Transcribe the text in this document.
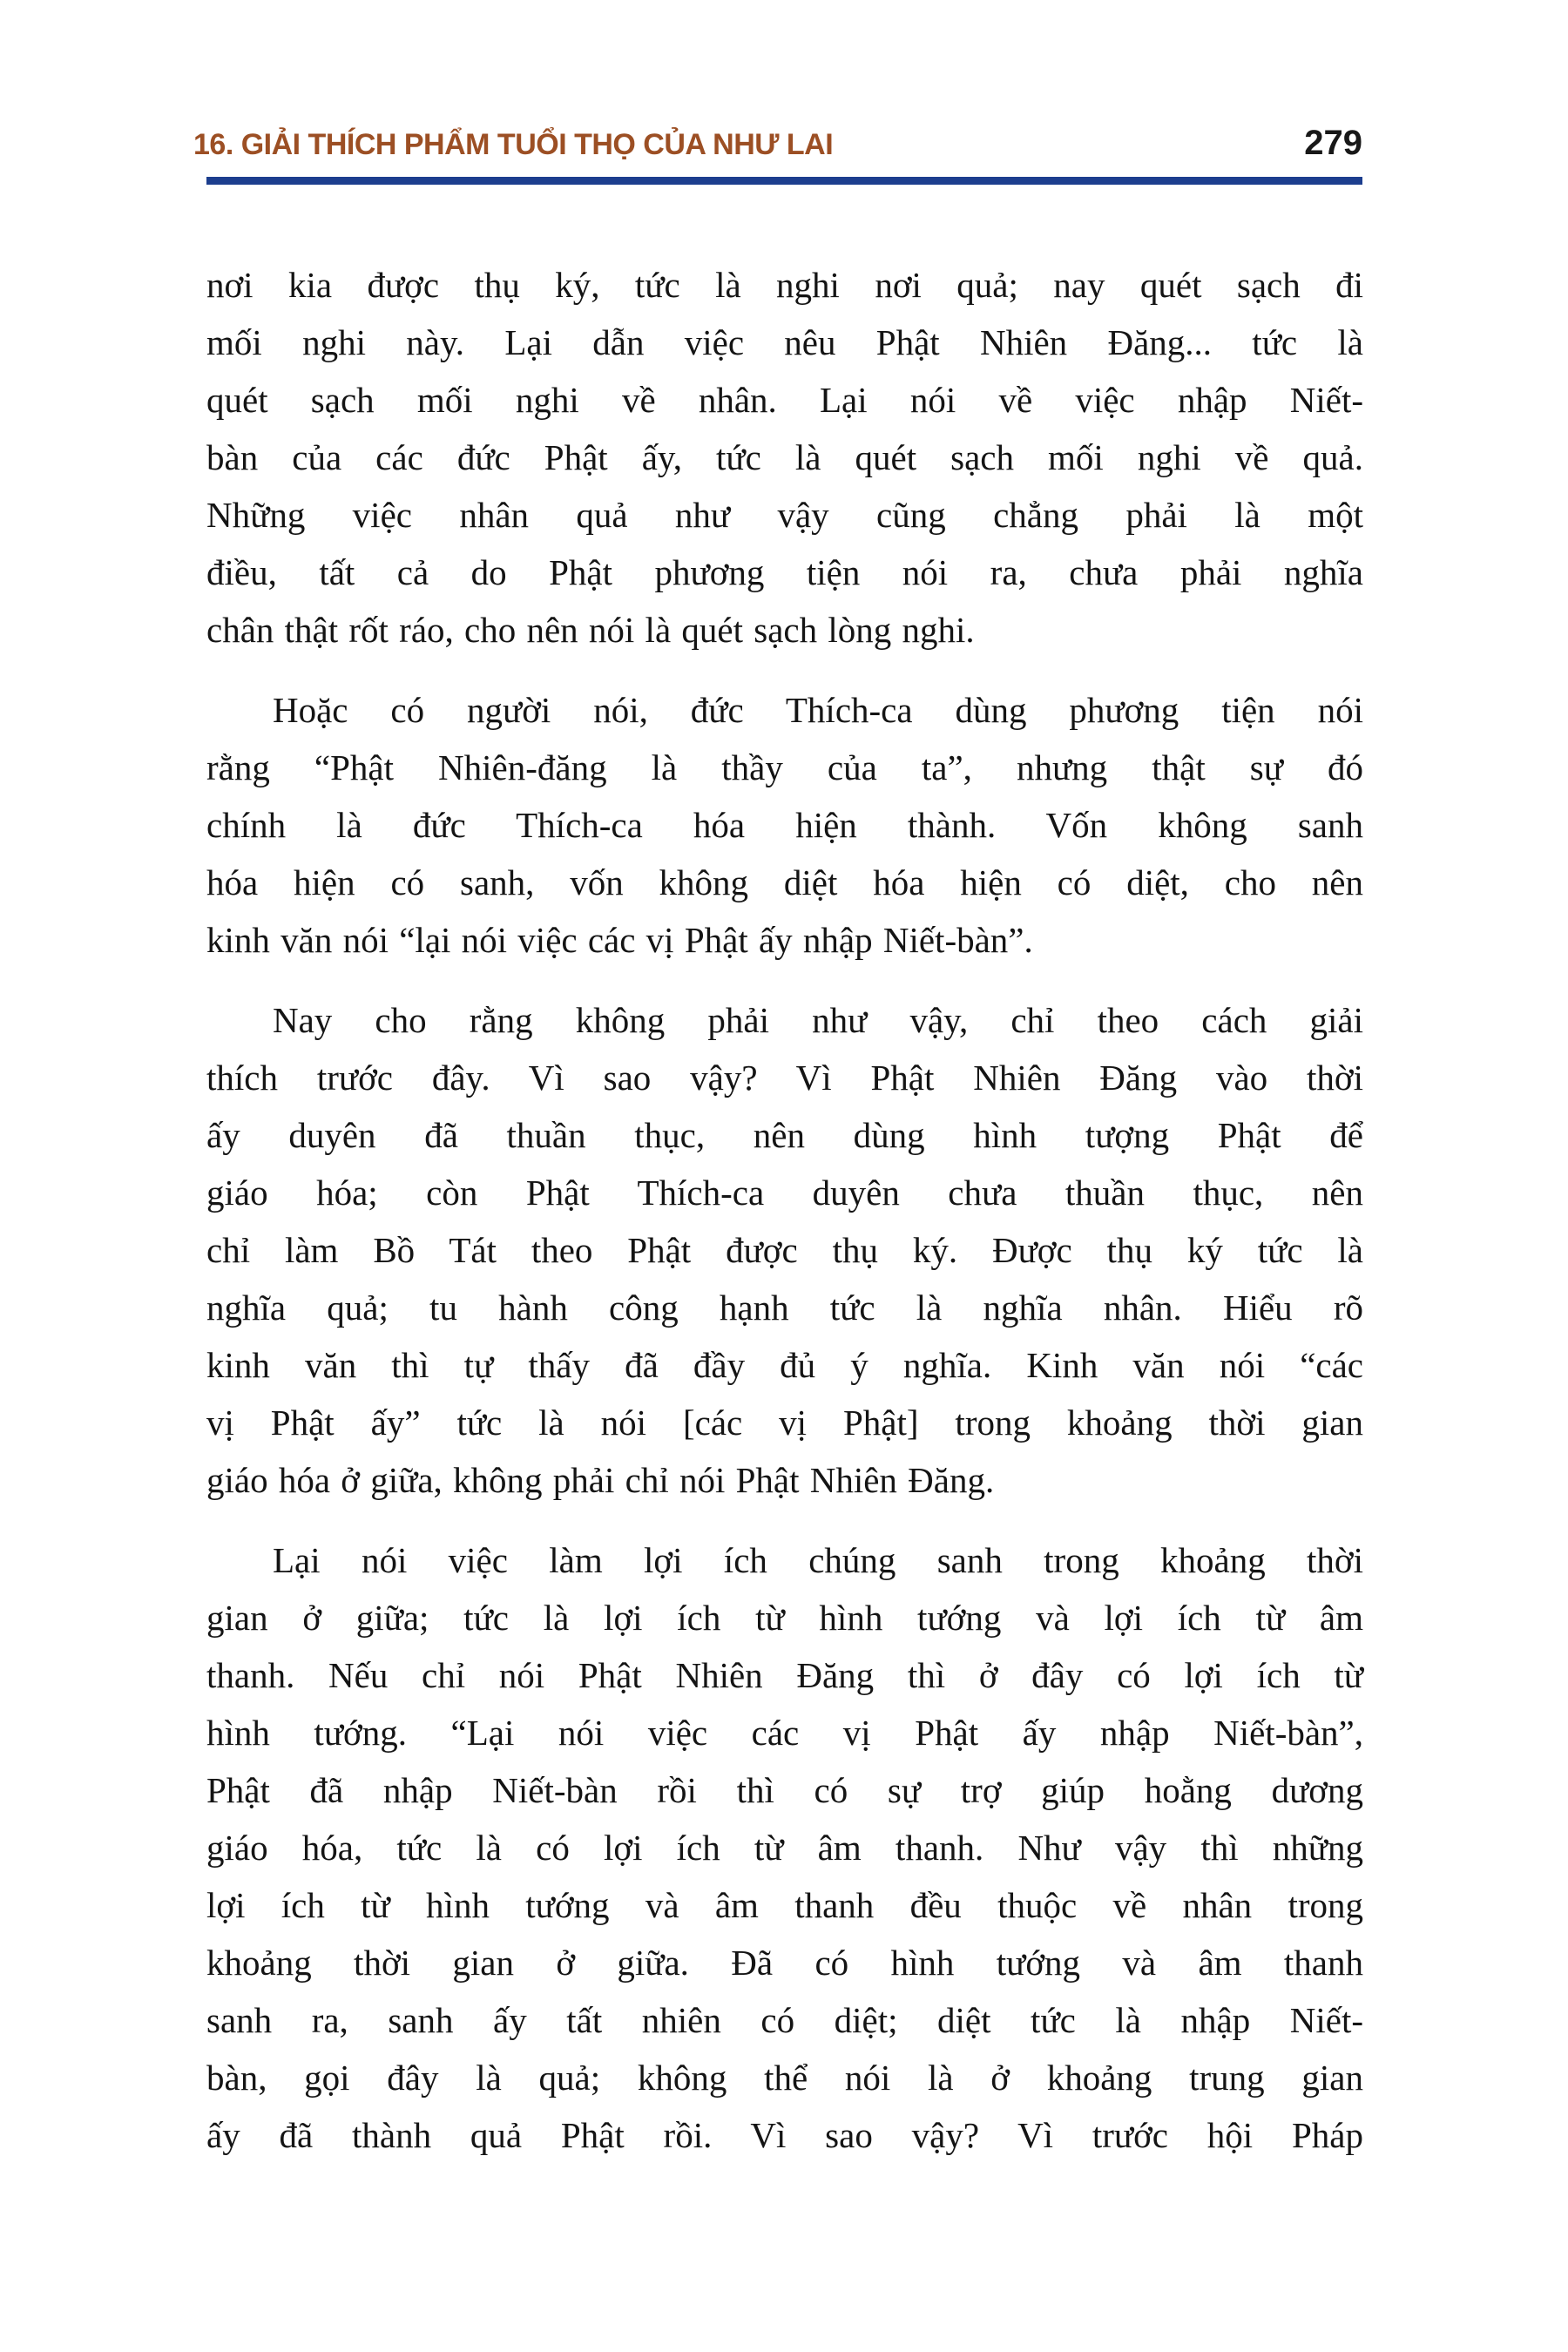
16. GIẢI THÍCH PHẨM TUỔI THỌ CỦA NHƯ LAI	279
nơi kia được thụ ký, tức là nghi nơi quả; nay quét sạch đi
mối nghi này. Lại dẫn việc nêu Phật Nhiên Đăng... tức là
quét sạch mối nghi về nhân. Lại nói về việc nhập Niết-
bàn của các đức Phật ấy, tức là quét sạch mối nghi về quả.
Những việc nhân quả như vậy cũng chẳng phải là một
điều, tất cả do Phật phương tiện nói ra, chưa phải nghĩa
chân thật rốt ráo, cho nên nói là quét sạch lòng nghi.
Hoặc có người nói, đức Thích-ca dùng phương tiện nói
rằng “Phật Nhiên-đăng là thầy của ta”, nhưng thật sự đó
chính là đức Thích-ca hóa hiện thành. Vốn không sanh
hóa hiện có sanh, vốn không diệt hóa hiện có diệt, cho nên
kinh văn nói “lại nói việc các vị Phật ấy nhập Niết-bàn”.
Nay cho rằng không phải như vậy, chỉ theo cách giải
thích trước đây. Vì sao vậy? Vì Phật Nhiên Đăng vào thời
ấy duyên đã thuần thục, nên dùng hình tượng Phật để
giáo hóa; còn Phật Thích-ca duyên chưa thuần thục, nên
chỉ làm Bồ Tát theo Phật được thụ ký. Được thụ ký tức là
nghĩa quả; tu hành công hạnh tức là nghĩa nhân. Hiểu rõ
kinh văn thì tự thấy đã đầy đủ ý nghĩa. Kinh văn nói “các
vị Phật ấy” tức là nói [các vị Phật] trong khoảng thời gian
giáo hóa ở giữa, không phải chỉ nói Phật Nhiên Đăng.
Lại nói việc làm lợi ích chúng sanh trong khoảng thời
gian ở giữa; tức là lợi ích từ hình tướng và lợi ích từ âm
thanh. Nếu chỉ nói Phật Nhiên Đăng thì ở đây có lợi ích từ
hình tướng. “Lại nói việc các vị Phật ấy nhập Niết-bàn”,
Phật đã nhập Niết-bàn rồi thì có sự trợ giúp hoằng dương
giáo hóa, tức là có lợi ích từ âm thanh. Như vậy thì những
lợi ích từ hình tướng và âm thanh đều thuộc về nhân trong
khoảng thời gian ở giữa. Đã có hình tướng và âm thanh
sanh ra, sanh ấy tất nhiên có diệt; diệt tức là nhập Niết-
bàn, gọi đây là quả; không thể nói là ở khoảng trung gian
ấy đã thành quả Phật rồi. Vì sao vậy? Vì trước hội Pháp
